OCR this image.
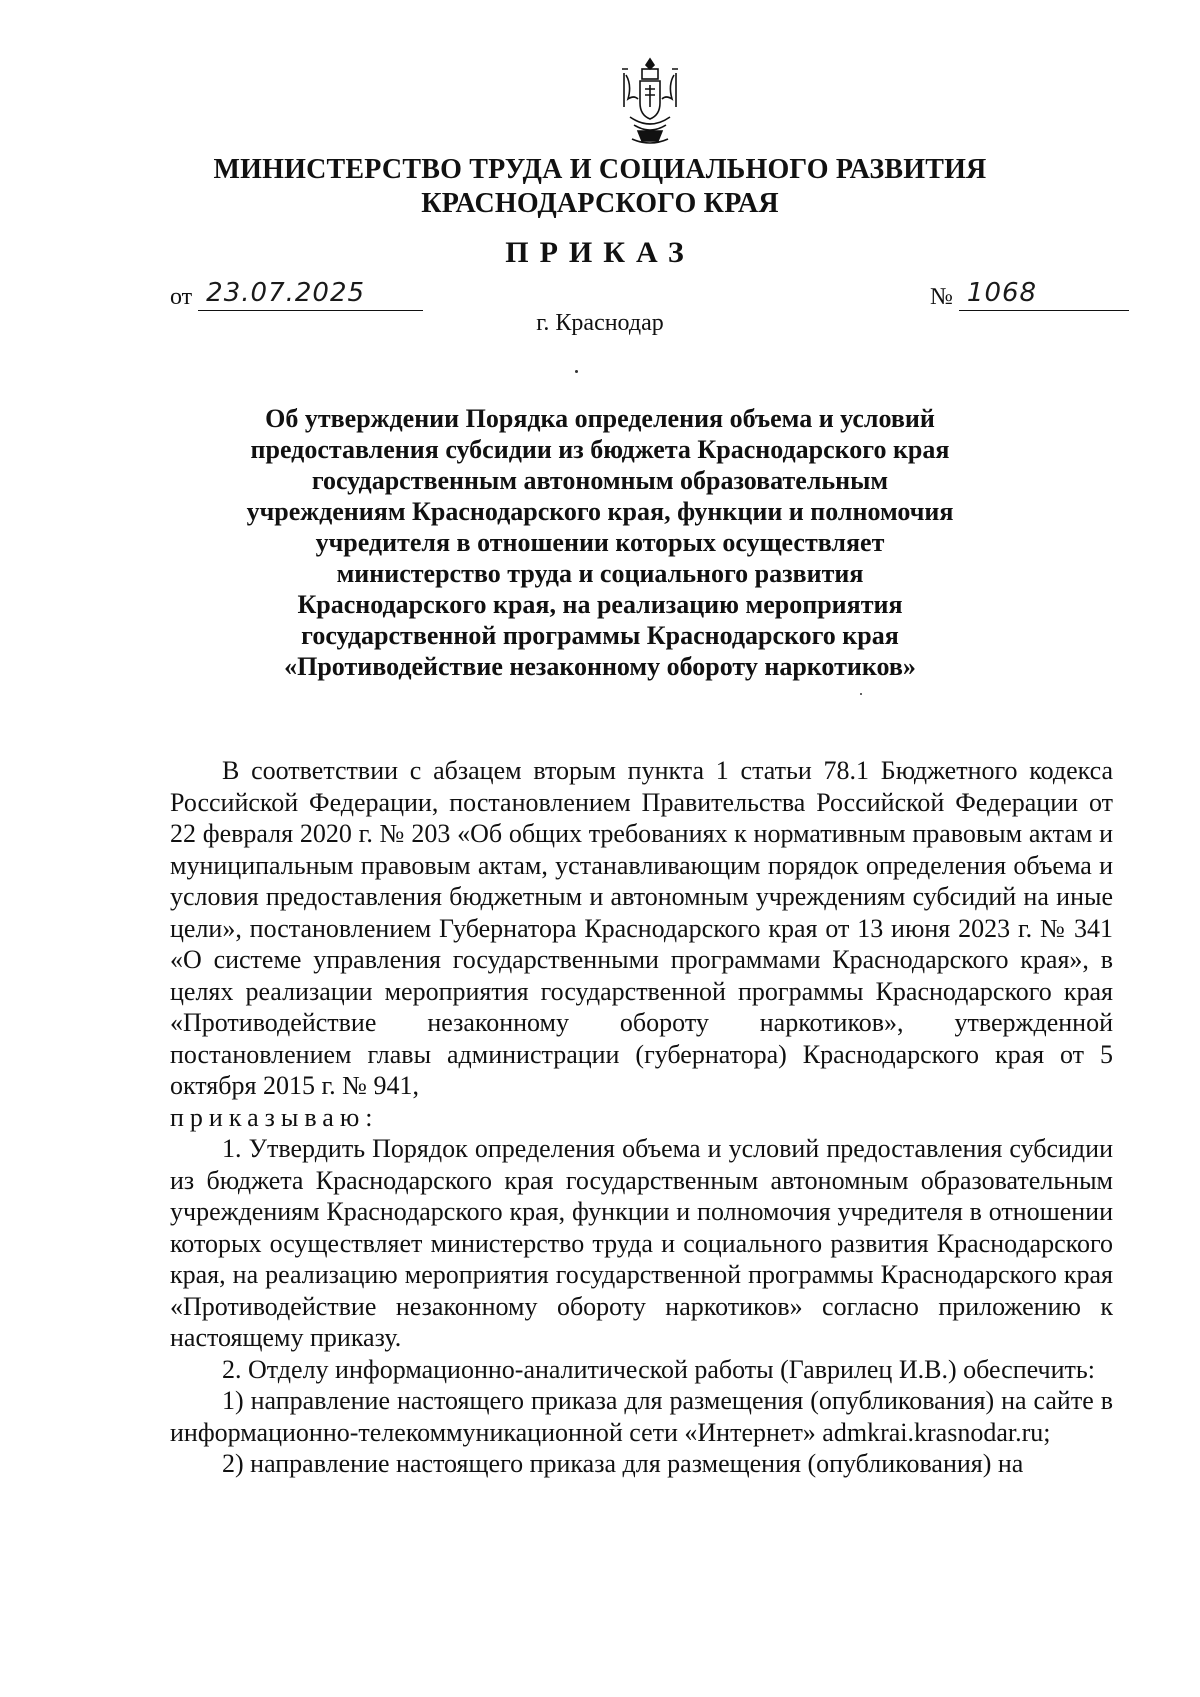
МИНИСТЕРСТВО ТРУДА И СОЦИАЛЬНОГО РАЗВИТИЯ
КРАСНОДАРСКОГО КРАЯ
ПРИКАЗ
от 23.07.2025	№ 1068
г. Краснодар
Об утверждении Порядка определения объема и условий предоставления субсидии из бюджета Краснодарского края государственным автономным образовательным учреждениям Краснодарского края, функции и полномочия учредителя в отношении которых осуществляет министерство труда и социального развития Краснодарского края, на реализацию мероприятия государственной программы Краснодарского края «Противодействие незаконному обороту наркотиков»

В соответствии с абзацем вторым пункта 1 статьи 78.1 Бюджетного кодекса Российской Федерации, постановлением Правительства Российской Федерации от 22 февраля 2020 г. № 203 «Об общих требованиях к нормативным правовым актам и муниципальным правовым актам, устанавливающим порядок определения объема и условия предоставления бюджетным и автономным учреждениям субсидий на иные цели», постановлением Губернатора Краснодарского края от 13 июня 2023 г. № 341 «О системе управления государственными программами Краснодарского края», в целях реализации мероприятия государственной программы Краснодарского края «Противодействие незаконному обороту наркотиков», утвержденной постановлением главы администрации (губернатора) Краснодарского края от 5 октября 2015 г. № 941,

приказываю:

1. Утвердить Порядок определения объема и условий предоставления субсидии из бюджета Краснодарского края государственным автономным образовательным учреждениям Краснодарского края, функции и полномочия учредителя в отношении которых осуществляет министерство труда и социального развития Краснодарского края, на реализацию мероприятия государственной программы Краснодарского края «Противодействие незаконному обороту наркотиков» согласно приложению к настоящему приказу.

2. Отделу информационно-аналитической работы (Гаврилец И.В.) обеспечить:

1) направление настоящего приказа для размещения (опубликования) на сайте в информационно-телекоммуникационной сети «Интернет» admkrai.krasnodar.ru;

2) направление настоящего приказа для размещения (опубликования) на
